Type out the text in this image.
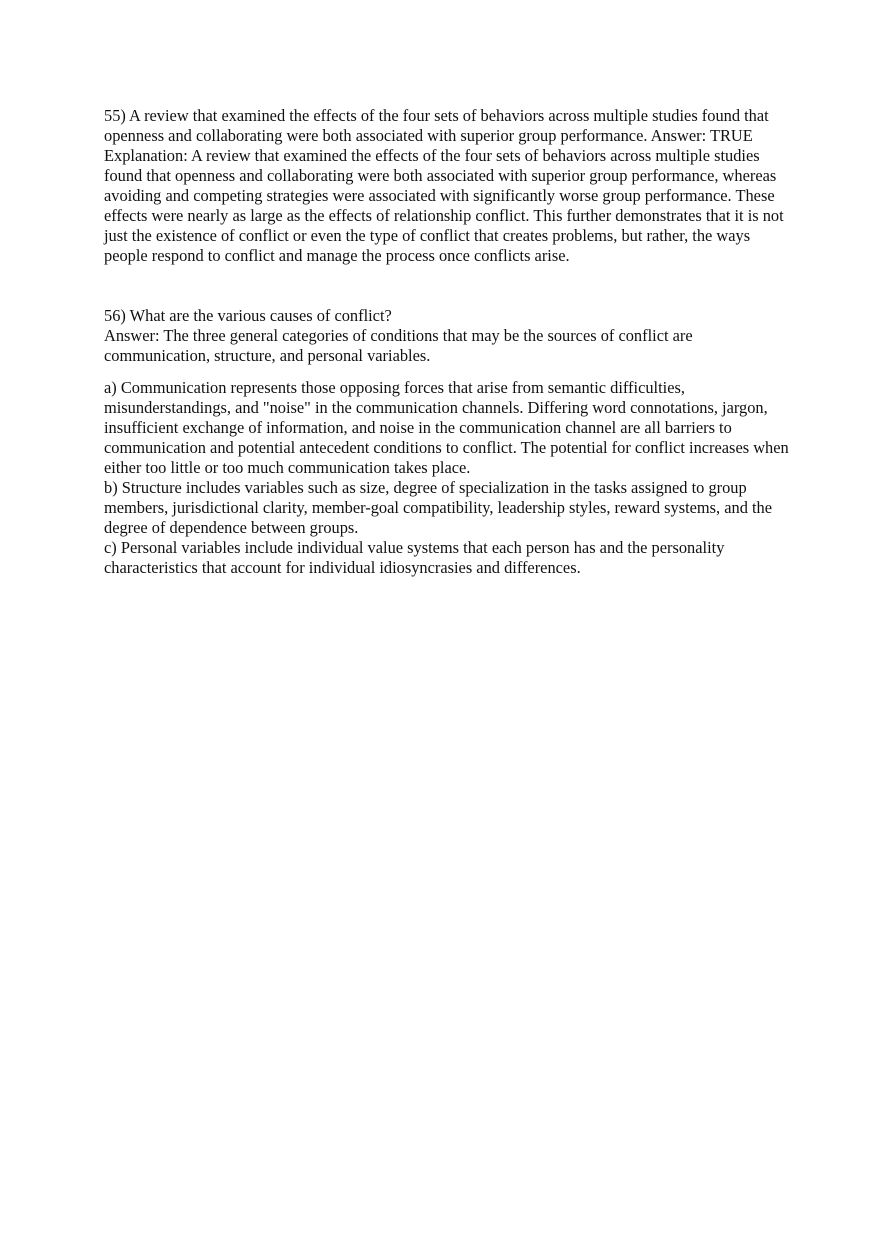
55) A review that examined the effects of the four sets of behaviors across multiple studies found that openness and collaborating were both associated with superior group performance. Answer: TRUE

Explanation: A review that examined the effects of the four sets of behaviors across multiple studies found that openness and collaborating were both associated with superior group performance, whereas avoiding and competing strategies were associated with significantly worse group performance. These effects were nearly as large as the effects of relationship conflict. This further demonstrates that it is not just the existence of conflict or even the type of conflict that creates problems, but rather, the ways people respond to conflict and manage the process once conflicts arise.

56) What are the various causes of conflict?

Answer: The three general categories of conditions that may be the sources of conflict are communication, structure, and personal variables.

a) Communication represents those opposing forces that arise from semantic difficulties, misunderstandings, and "noise" in the communication channels. Differing word connotations, jargon, insufficient exchange of information, and noise in the communication channel are all barriers to communication and potential antecedent conditions to conflict. The potential for conflict increases when either too little or too much communication takes place.

b) Structure includes variables such as size, degree of specialization in the tasks assigned to group members, jurisdictional clarity, member-goal compatibility, leadership styles, reward systems, and the degree of dependence between groups.

c) Personal variables include individual value systems that each person has and the personality characteristics that account for individual idiosyncrasies and differences.
